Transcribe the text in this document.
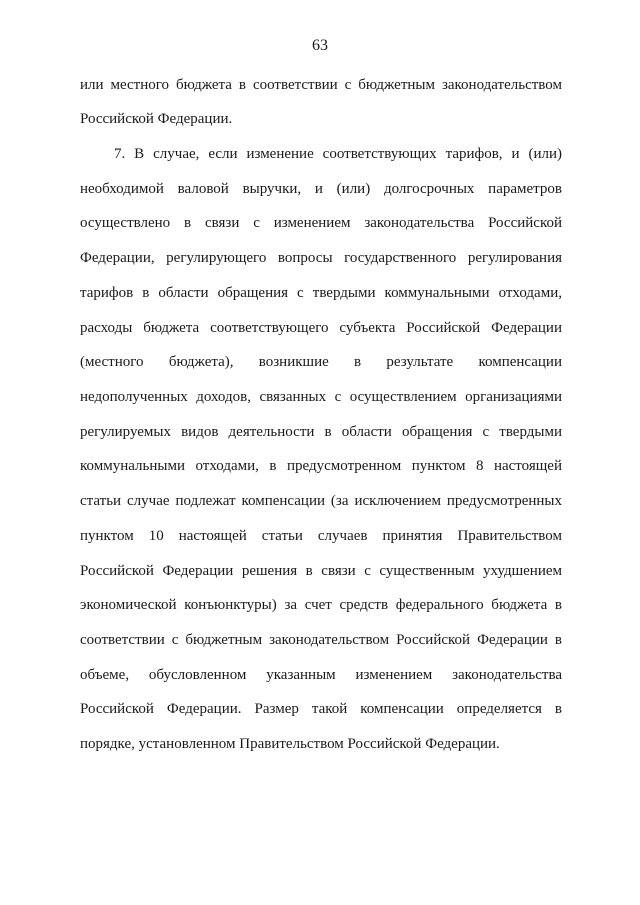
63
или местного бюджета в соответствии с бюджетным законодательством
Российской Федерации.
7. В случае, если изменение соответствующих тарифов, и (или)
необходимой валовой выручки, и (или) долгосрочных параметров
осуществлено в связи с изменением законодательства Российской
Федерации, регулирующего вопросы государственного регулирования
тарифов в области обращения с твердыми коммунальными отходами,
расходы бюджета соответствующего субъекта Российской Федерации
(местного бюджета), возникшие в результате компенсации
недополученных доходов, связанных с осуществлением организациями
регулируемых видов деятельности в области обращения с твердыми
коммунальными отходами, в предусмотренном пунктом 8 настоящей
статьи случае подлежат компенсации (за исключением предусмотренных
пунктом 10 настоящей статьи случаев принятия Правительством
Российской Федерации решения в связи с существенным ухудшением
экономической конъюнктуры) за счет средств федерального бюджета в
соответствии с бюджетным законодательством Российской Федерации в
объеме, обусловленном указанным изменением законодательства
Российской Федерации. Размер такой компенсации определяется в
порядке, установленном Правительством Российской Федерации.
